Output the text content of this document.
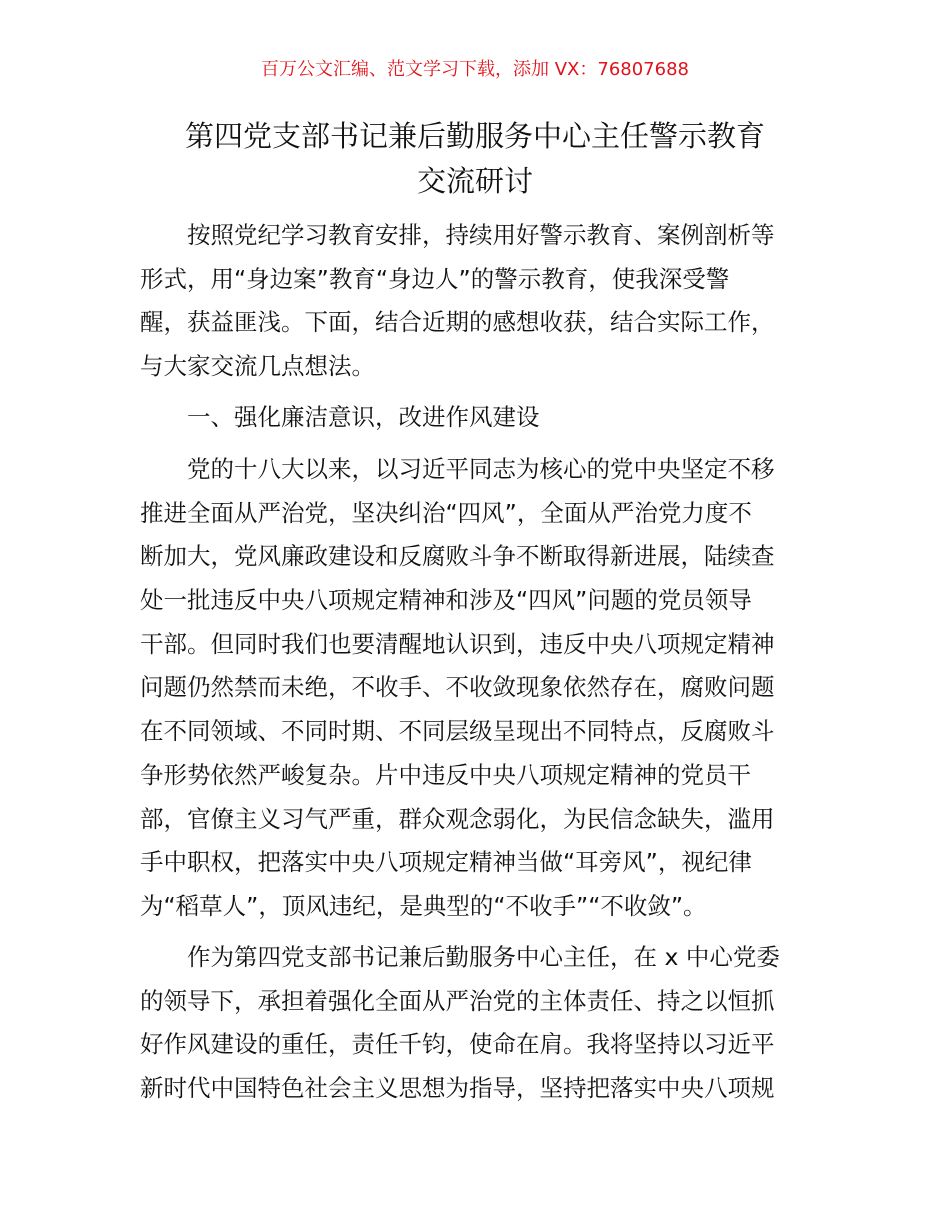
百万公文汇编、范文学习下载，添加 VX：76807688
第四党支部书记兼后勤服务中心主任警示教育
交流研讨
按照党纪学习教育安排，持续用好警示教育、案例剖析等
形式，用“身边案”教育“身边人”的警示教育，使我深受警
醒，获益匪浅。下面，结合近期的感想收获，结合实际工作，
与大家交流几点想法。
一、强化廉洁意识，改进作风建设
党的十八大以来，以习近平同志为核心的党中央坚定不移
推进全面从严治党，坚决纠治“四风”，全面从严治党力度不
断加大，党风廉政建设和反腐败斗争不断取得新进展，陆续查
处一批违反中央八项规定精神和涉及“四风”问题的党员领导
干部。但同时我们也要清醒地认识到，违反中央八项规定精神
问题仍然禁而未绝，不收手、不收敛现象依然存在，腐败问题
在不同领域、不同时期、不同层级呈现出不同特点，反腐败斗
争形势依然严峻复杂。片中违反中央八项规定精神的党员干
部，官僚主义习气严重，群众观念弱化，为民信念缺失，滥用
手中职权，把落实中央八项规定精神当做“耳旁风”，视纪律
为“稻草人”，顶风违纪，是典型的“不收手”“不收敛”。
作为第四党支部书记兼后勤服务中心主任，在 x 中心党委
的领导下，承担着强化全面从严治党的主体责任、持之以恒抓
好作风建设的重任，责任千钧，使命在肩。我将坚持以习近平
新时代中国特色社会主义思想为指导，坚持把落实中央八项规
